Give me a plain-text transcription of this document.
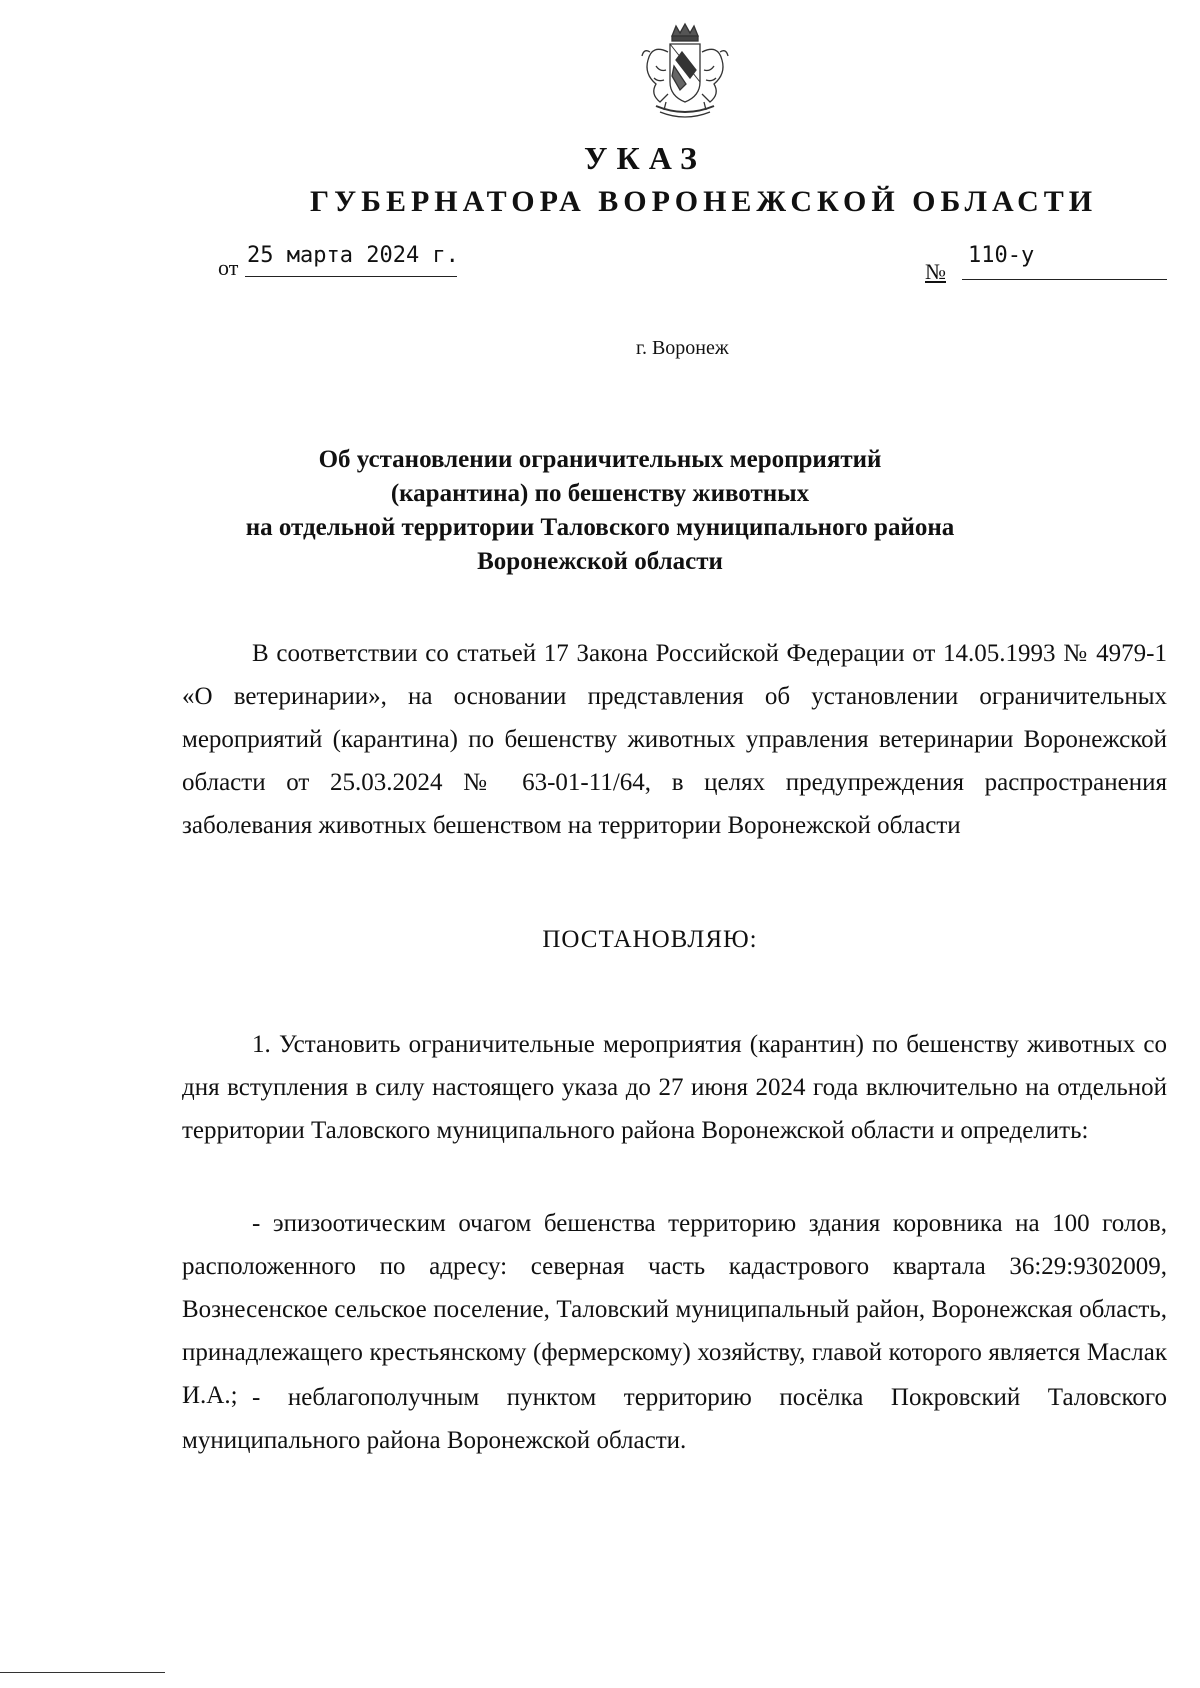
УКАЗ
ГУБЕРНАТОРА ВОРОНЕЖСКОЙ ОБЛАСТИ
от 25 марта 2024 г.
№
110-у
г. Воронеж
Об установлении ограничительных мероприятий
(карантина) по бешенству животных
на отдельной территории Таловского муниципального района
Воронежской области

В соответствии со статьей 17 Закона Российской Федерации от 14.05.1993 № 4979-1 «О ветеринарии», на основании представления об установлении ограничительных мероприятий (карантина) по бешенству животных управления ветеринарии Воронежской области от 25.03.2024 № 63-01-11/64, в целях предупреждения распространения заболевания животных бешенством на территории Воронежской области

ПОСТАНОВЛЯЮ:

1. Установить ограничительные мероприятия (карантин) по бешенству животных со дня вступления в силу настоящего указа до 27 июня 2024 года включительно на отдельной территории Таловского муниципального района Воронежской области и определить:

- эпизоотическим очагом бешенства территорию здания коровника на 100 голов, расположенного по адресу: северная часть кадастрового квартала 36:29:9302009, Вознесенское сельское поселение, Таловский муниципальный район, Воронежская область, принадлежащего крестьянскому (фермерскому) хозяйству, главой которого является Маслак И.А.; - неблагополучным пунктом территорию посёлка Покровский Таловского муниципального района Воронежской области.
